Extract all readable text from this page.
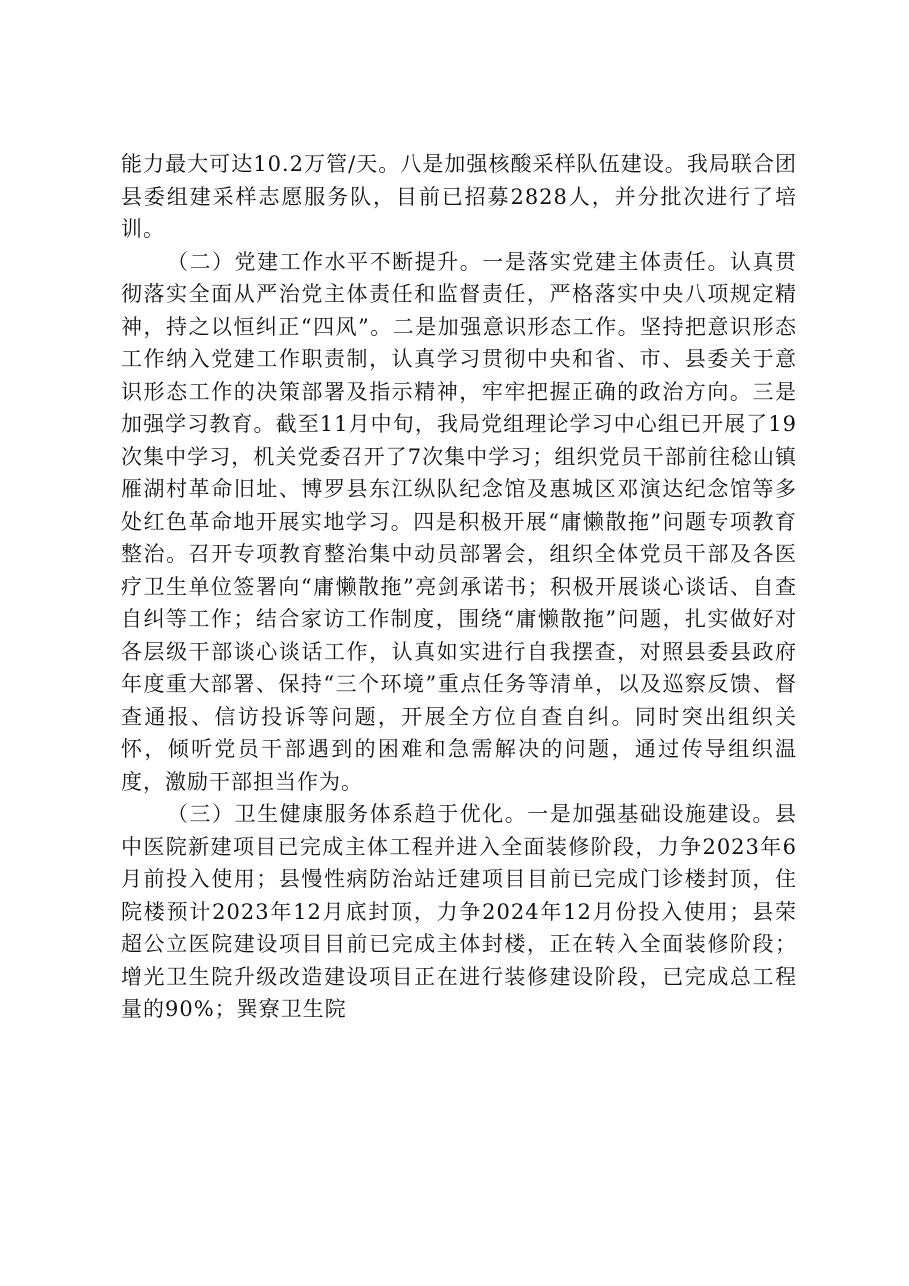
能力最大可达10.2万管/天。八是加强核酸采样队伍建设。我局联合团县委组建采样志愿服务队，目前已招募2828人，并分批次进行了培训。

（二）党建工作水平不断提升。一是落实党建主体责任。认真贯彻落实全面从严治党主体责任和监督责任，严格落实中央八项规定精神，持之以恒纠正“四风”。二是加强意识形态工作。坚持把意识形态工作纳入党建工作职责制，认真学习贯彻中央和省、市、县委关于意识形态工作的决策部署及指示精神，牢牢把握正确的政治方向。三是加强学习教育。截至11月中旬，我局党组理论学习中心组已开展了19次集中学习，机关党委召开了7次集中学习；组织党员干部前往稔山镇雁湖村革命旧址、博罗县东江纵队纪念馆及惠城区邓演达纪念馆等多处红色革命地开展实地学习。四是积极开展“庸懒散拖”问题专项教育整治。召开专项教育整治集中动员部署会，组织全体党员干部及各医疗卫生单位签署向“庸懒散拖”亮剑承诺书；积极开展谈心谈话、自查自纠等工作；结合家访工作制度，围绕“庸懒散拖”问题，扎实做好对各层级干部谈心谈话工作，认真如实进行自我摆查，对照县委县政府年度重大部署、保持“三个环境”重点任务等清单，以及巡察反馈、督查通报、信访投诉等问题，开展全方位自查自纠。同时突出组织关怀，倾听党员干部遇到的困难和急需解决的问题，通过传导组织温度，激励干部担当作为。

（三）卫生健康服务体系趋于优化。一是加强基础设施建设。县中医院新建项目已完成主体工程并进入全面装修阶段，力争2023年6月前投入使用；县慢性病防治站迁建项目目前已完成门诊楼封顶，住院楼预计2023年12月底封顶，力争2024年12月份投入使用；县荣超公立医院建设项目目前已完成主体封楼，正在转入全面装修阶段；增光卫生院升级改造建设项目正在进行装修建设阶段，已完成总工程量的90%；巽寮卫生院
